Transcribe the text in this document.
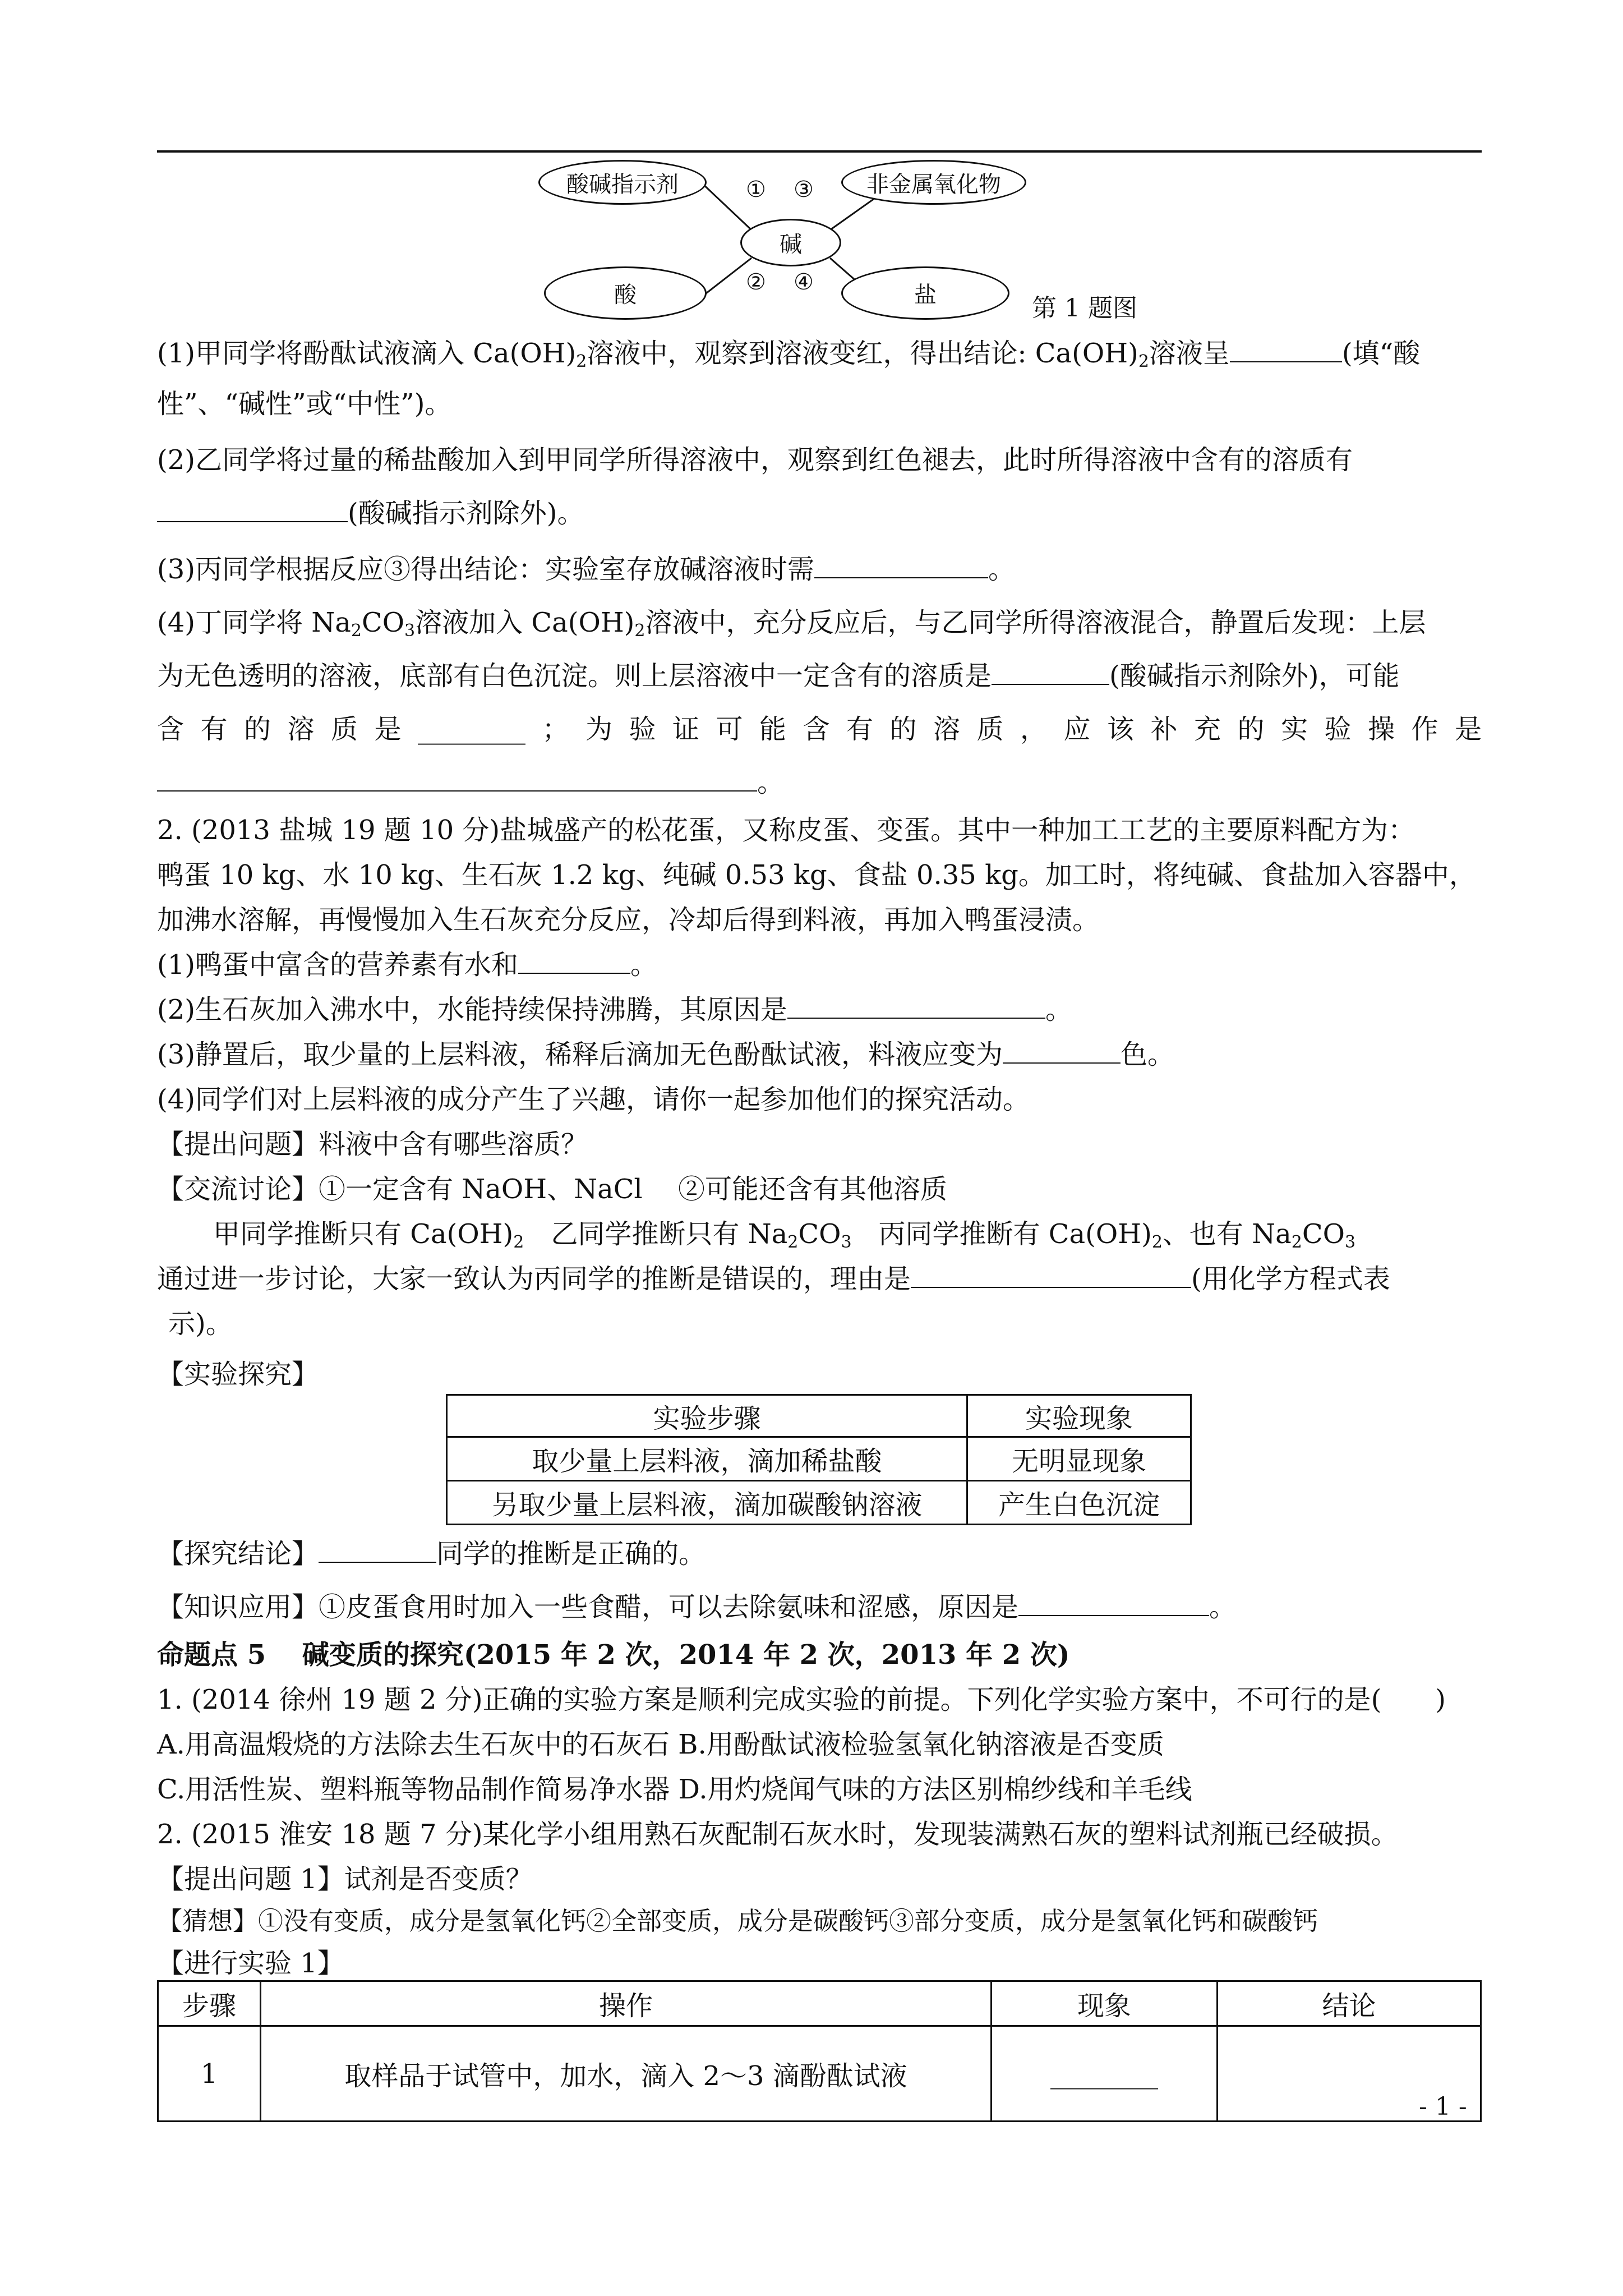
酸碱指示剂	非金属氧化物
碱
酸	盐
① ③
② ④
第 1 题图
(1)甲同学将酚酞试液滴入 $Ca(OH)_2$溶液中，观察到溶液变红，得出结论: $Ca(OH)_2$溶液呈	(填“酸
性”、“碱性”或“中性”)。
(2)乙同学将过量的稀盐酸加入到甲同学所得溶液中，观察到红色褪去，此时所得溶液中含有的溶质有
(酸碱指示剂除外)。
(3)丙同学根据反应③得出结论：实验室存放碱溶液时需	。
(4)丁同学将 $Na_2CO_3$溶液加入 $Ca(OH)_2$溶液中，充分反应后，与乙同学所得溶液混合，静置后发现：上层
为无色透明的溶液，底部有白色沉淀。则上层溶液中一定含有的溶质是	(酸碱指示剂除外)，可能
含 有 的 溶 质 是 ________ ； 为 验 证 可 能 含 有 的 溶 质 ， 应 该 补 充 的 实 验 操 作 是
。
2. (2013 盐城 19 题 10 分)盐城盛产的松花蛋，又称皮蛋、变蛋。其中一种加工工艺的主要原料配方为：
鸭蛋 10 kg、水 10 kg、生石灰 1.2 kg、纯碱 0.53 kg、食盐 0.35 kg。加工时，将纯碱、食盐加入容器中，
加沸水溶解，再慢慢加入生石灰充分反应，冷却后得到料液，再加入鸭蛋浸渍。
(1)鸭蛋中富含的营养素有水和	。
(2)生石灰加入沸水中，水能持续保持沸腾，其原因是	。
(3)静置后，取少量的上层料液，稀释后滴加无色酚酞试液，料液应变为	色。
(4)同学们对上层料液的成分产生了兴趣，请你一起参加他们的探究活动。
【提出问题】料液中含有哪些溶质？
【交流讨论】①一定含有 NaOH、NaCl　 ②可能还含有其他溶质
甲同学推断只有 $Ca(OH)_2$　乙同学推断只有 $Na_2CO_3$　丙同学推断有 $Ca(OH)_2$、也有 $Na_2CO_3$
通过进一步讨论，大家一致认为丙同学的推断是错误的，理由是	(用化学方程式表
示)。
【实验探究】
实验步骤	实验现象
取少量上层料液，滴加稀盐酸	无明显现象
另取少量上层料液，滴加碳酸钠溶液	产生白色沉淀
【探究结论】	同学的推断是正确的。
【知识应用】①皮蛋食用时加入一些食醋，可以去除氨味和涩感，原因是	。
命题点 5　 碱变质的探究(2015 年 2 次，2014 年 2 次，2013 年 2 次)
1. (2014 徐州 19 题 2 分)正确的实验方案是顺利完成实验的前提。下列化学实验方案中，不可行的是(　　)
A.用高温煅烧的方法除去生石灰中的石灰石 B.用酚酞试液检验氢氧化钠溶液是否变质
C.用活性炭、塑料瓶等物品制作简易净水器 D.用灼烧闻气味的方法区别棉纱线和羊毛线
2. (2015 淮安 18 题 7 分)某化学小组用熟石灰配制石灰水时，发现装满熟石灰的塑料试剂瓶已经破损。
【提出问题 1】试剂是否变质？
【猜想】①没有变质，成分是氢氧化钙②全部变质，成分是碳酸钙③部分变质，成分是氢氧化钙和碳酸钙
【进行实验 1】
步骤	操作	现象	结论
1	取样品于试管中，加水，滴入 2～3 滴酚酞试液	________	
- 1 -
